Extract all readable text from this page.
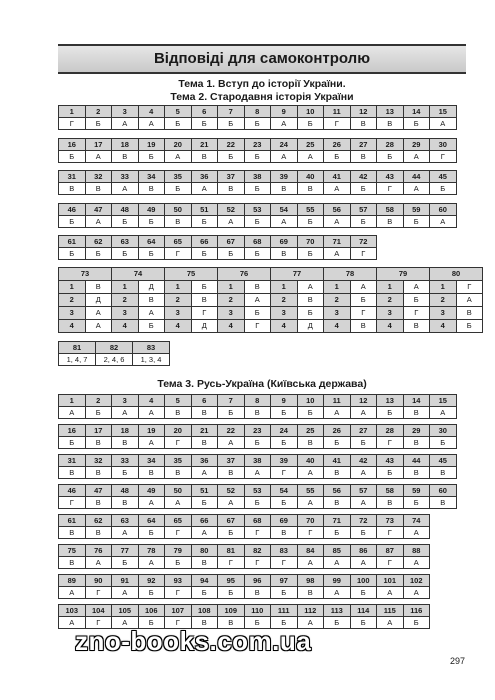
Відповіді для самоконтролю
Тема 1. Вступ до історії України.
Тема 2. Стародавня історія України
1	2	3	4	5	6	7	8	9	10	11	12	13	14	15
Г	Б	А	А	Б	Б	Б	Б	А	Б	Г	В	В	Б	А
16	17	18	19	20	21	22	23	24	25	26	27	28	29	30
Б	А	В	Б	А	В	Б	Б	А	А	Б	В	Б	А	Г
31	32	33	34	35	36	37	38	39	40	41	42	43	44	45
В	В	А	В	Б	А	В	Б	В	В	А	Б	Г	А	Б
46	47	48	49	50	51	52	53	54	55	56	57	58	59	60
Б	А	Б	Б	В	Б	А	Б	А	Б	А	Б	В	Б	А
61	62	63	64	65	66	67	68	69	70	71	72
Б	Б	Б	Б	Г	Б	Б	Б	В	Б	А	Г
73		74		75		76		77		78		79		80	
1	В	1	Д	1	Б	1	В	1	А	1	А	1	А	1	Г
2	Д	2	В	2	В	2	А	2	В	2	Б	2	Б	2	А
3	А	3	А	3	Г	3	Б	3	Б	3	Г	3	Г	3	В
4	А	4	Б	4	Д	4	Г	4	Д	4	В	4	В	4	Б
81	82	83
1, 4, 7	2, 4, 6	1, 3, 4
Тема 3. Русь-Україна (Київська держава)
1	2	3	4	5	6	7	8	9	10	11	12	13	14	15
А	Б	А	А	В	В	Б	В	Б	Б	А	А	Б	В	А
16	17	18	19	20	21	22	23	24	25	26	27	28	29	30
Б	В	В	А	Г	В	А	Б	Б	В	Б	Б	Г	В	Б
31	32	33	34	35	36	37	38	39	40	41	42	43	44	45
В	В	Б	В	В	А	В	А	Г	А	В	А	Б	В	В
46	47	48	49	50	51	52	53	54	55	56	57	58	59	60
Г	В	В	А	А	Б	А	Б	Б	А	В	А	В	Б	В
61	62	63	64	65	66	67	68	69	70	71	72	73	74
В	В	А	Б	Г	А	Б	Г	В	Г	Б	Б	Г	А
75	76	77	78	79	80	81	82	83	84	85	86	87	88
В	А	Б	А	Б	В	Г	Г	Г	А	А	А	Г	А
89	90	91	92	93	94	95	96	97	98	99	100	101	102
А	Г	А	Б	Г	Б	Б	В	Б	В	А	Б	А	А
103	104	105	106	107	108	109	110	111	112	113	114	115	116
А	Г	А	Б	Г	В	В	Б	Б	А	Б	Б	А	Б
zno-books.com.ua
297
